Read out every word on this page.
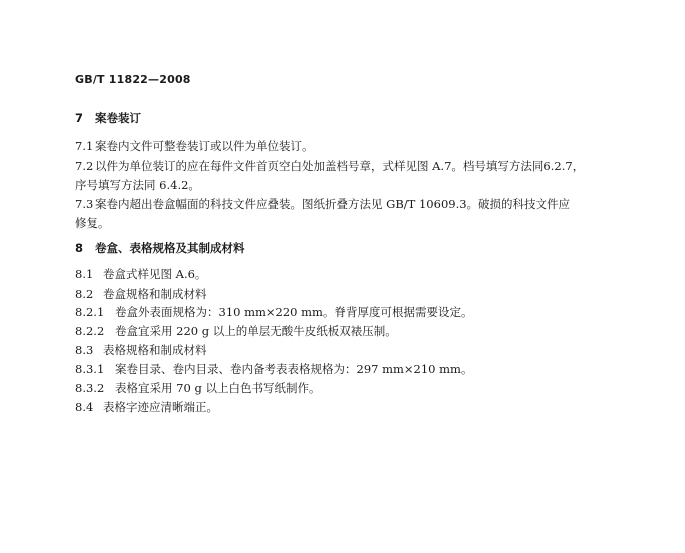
GB/T 11822—2008
7 案卷装订
7.1 案卷内文件可整卷装订或以件为单位装订。
7.2 以件为单位装订的应在每件文件首页空白处加盖档号章，式样见图 A.7。档号填写方法同6.2.7，
序号填写方法同 6.4.2。
7.3 案卷内超出卷盒幅面的科技文件应叠装。图纸折叠方法见 GB/T 10609.3。破损的科技文件应
修复。
8 卷盒、表格规格及其制成材料
8.1 卷盒式样见图 A.6。
8.2 卷盒规格和制成材料
8.2.1 卷盒外表面规格为：310 mm×220 mm。脊背厚度可根据需要设定。
8.2.2 卷盒宜采用 220 g 以上的单层无酸牛皮纸板双裱压制。
8.3 表格规格和制成材料
8.3.1 案卷目录、卷内目录、卷内备考表表格规格为：297 mm×210 mm。
8.3.2 表格宜采用 70 g 以上白色书写纸制作。
8.4 表格字迹应清晰端正。
